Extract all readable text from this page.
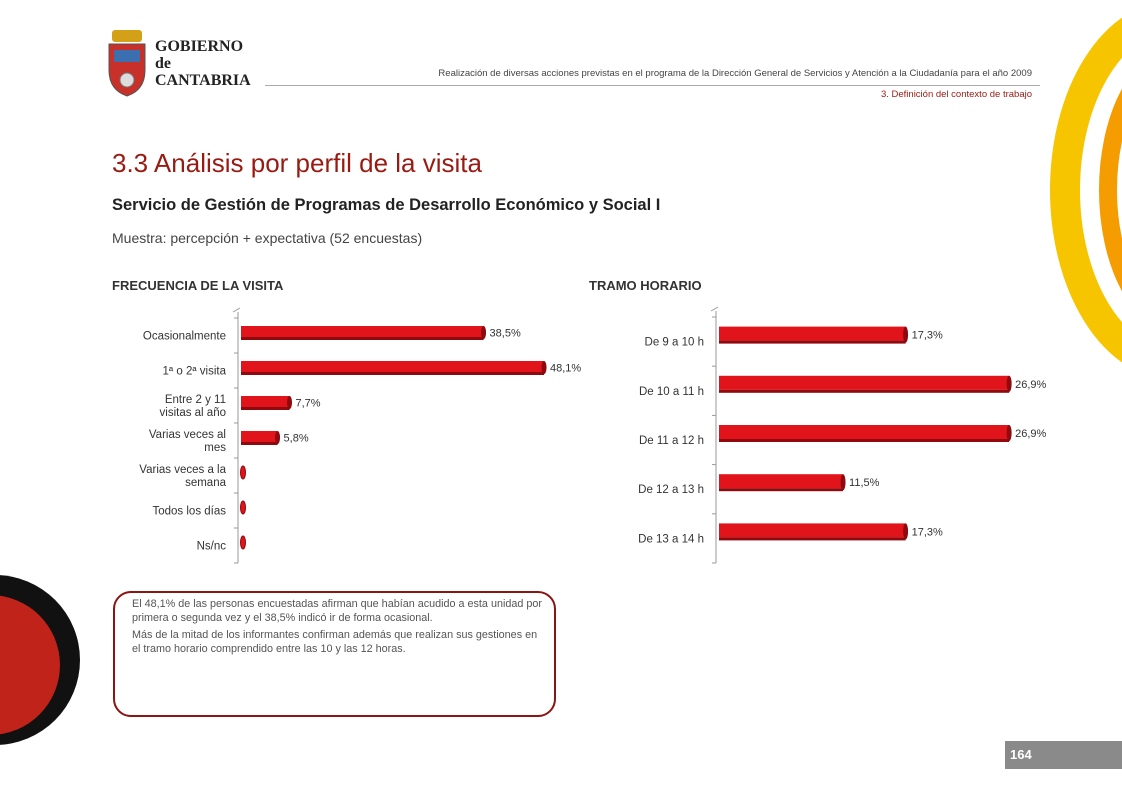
GOBIERNO
de
CANTABRIA	Realización de diversas acciones previstas en el programa de la Dirección General de Servicios y Atención a la Ciudadanía para el año 2009
3. Definición del contexto de trabajo
3.3 Análisis por perfil de la visita
Servicio de Gestión de Programas de Desarrollo Económico y Social I
Muestra: percepción + expectativa (52 encuestas)
FRECUENCIA DE LA VISITA
38,5%
Ocasionalmente
48,1%
1ª o 2ª visita
7,7%
Entre 2 y 11 visitas al año
5,8%
Varias veces al mes
Varias veces a la semana
Todos los días
Ns/nc
TRAMO HORARIO
17,3%
De 9 a 10 h
26,9%
De 10 a 11 h
26,9%
De 11 a 12 h
11,5%
De 12 a 13 h
17,3%
De 13 a 14 h

El 48,1% de las personas encuestadas afirman que habían acudido a esta unidad por primera o segunda vez y el 38,5% indicó ir de forma ocasional.

Más de la mitad de los informantes confirman además que realizan sus gestiones en el tramo horario comprendido entre las 10 y las 12 horas.

164
